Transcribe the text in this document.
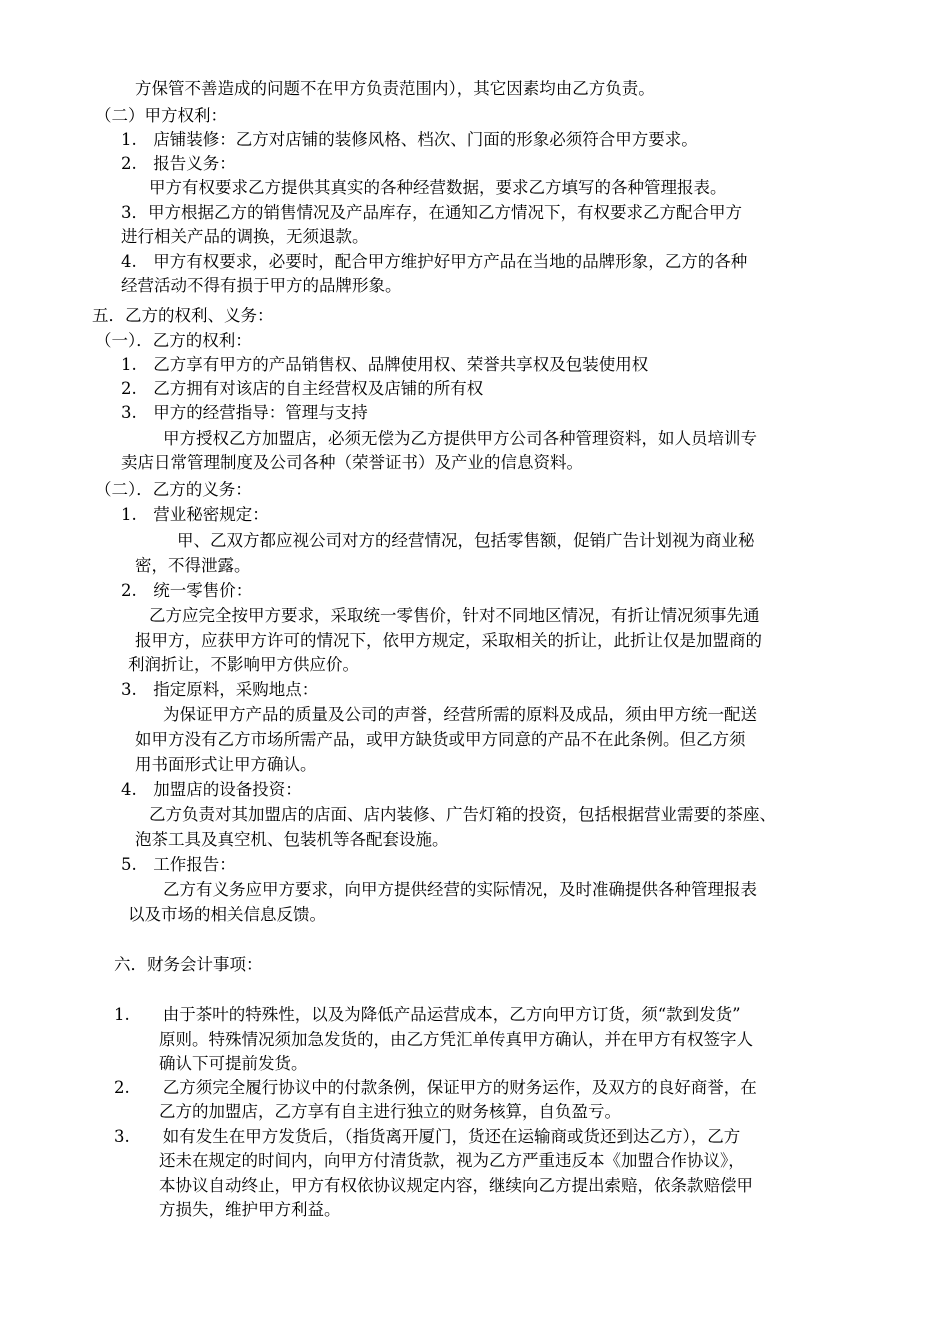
方保管不善造成的问题不在甲方负责范围内），其它因素均由乙方负责。

（二）甲方权利：

1.　店铺装修：乙方对店铺的装修风格、档次、门面的形象必须符合甲方要求。

2.　报告义务：

甲方有权要求乙方提供其真实的各种经营数据，要求乙方填写的各种管理报表。

3．甲方根据乙方的销售情况及产品库存，在通知乙方情况下，有权要求乙方配合甲方

进行相关产品的调换，无须退款。

4.　甲方有权要求，必要时，配合甲方维护好甲方产品在当地的品牌形象，乙方的各种

经营活动不得有损于甲方的品牌形象。

五．乙方的权利、义务：

（一）．乙方的权利：

1.　乙方享有甲方的产品销售权、品牌使用权、荣誉共享权及包装使用权

2.　乙方拥有对该店的自主经营权及店铺的所有权

3.　甲方的经营指导：管理与支持

甲方授权乙方加盟店，必须无偿为乙方提供甲方公司各种管理资料，如人员培训专

卖店日常管理制度及公司各种（荣誉证书）及产业的信息资料。

（二）．乙方的义务：

1.　营业秘密规定：

甲、乙双方都应视公司对方的经营情况，包括零售额，促销广告计划视为商业秘

密，不得泄露。

2.　统一零售价：

乙方应完全按甲方要求，采取统一零售价，针对不同地区情况，有折让情况须事先通

报甲方，应获甲方许可的情况下，依甲方规定，采取相关的折让，此折让仅是加盟商的

利润折让，不影响甲方供应价。

3.　指定原料，采购地点：

为保证甲方产品的质量及公司的声誉，经营所需的原料及成品，须由甲方统一配送

如甲方没有乙方市场所需产品，或甲方缺货或甲方同意的产品不在此条例。但乙方须

用书面形式让甲方确认。

4.　加盟店的设备投资：

乙方负责对其加盟店的店面、店内装修、广告灯箱的投资，包括根据营业需要的茶座、

泡茶工具及真空机、包装机等各配套设施。

5.　工作报告：

乙方有义务应甲方要求，向甲方提供经营的实际情况，及时准确提供各种管理报表

以及市场的相关信息反馈。

六．财务会计事项：

1.　　由于茶叶的特殊性，以及为降低产品运营成本，乙方向甲方订货，须“款到发货”

原则。特殊情况须加急发货的，由乙方凭汇单传真甲方确认，并在甲方有权签字人

确认下可提前发货。

2.　　乙方须完全履行协议中的付款条例，保证甲方的财务运作，及双方的良好商誉，在

乙方的加盟店，乙方享有自主进行独立的财务核算，自负盈亏。

3.　　如有发生在甲方发货后，（指货离开厦门，货还在运输商或货还到达乙方），乙方

还未在规定的时间内，向甲方付清货款，视为乙方严重违反本《加盟合作协议》，

本协议自动终止，甲方有权依协议规定内容，继续向乙方提出索赔，依条款赔偿甲

方损失，维护甲方利益。
